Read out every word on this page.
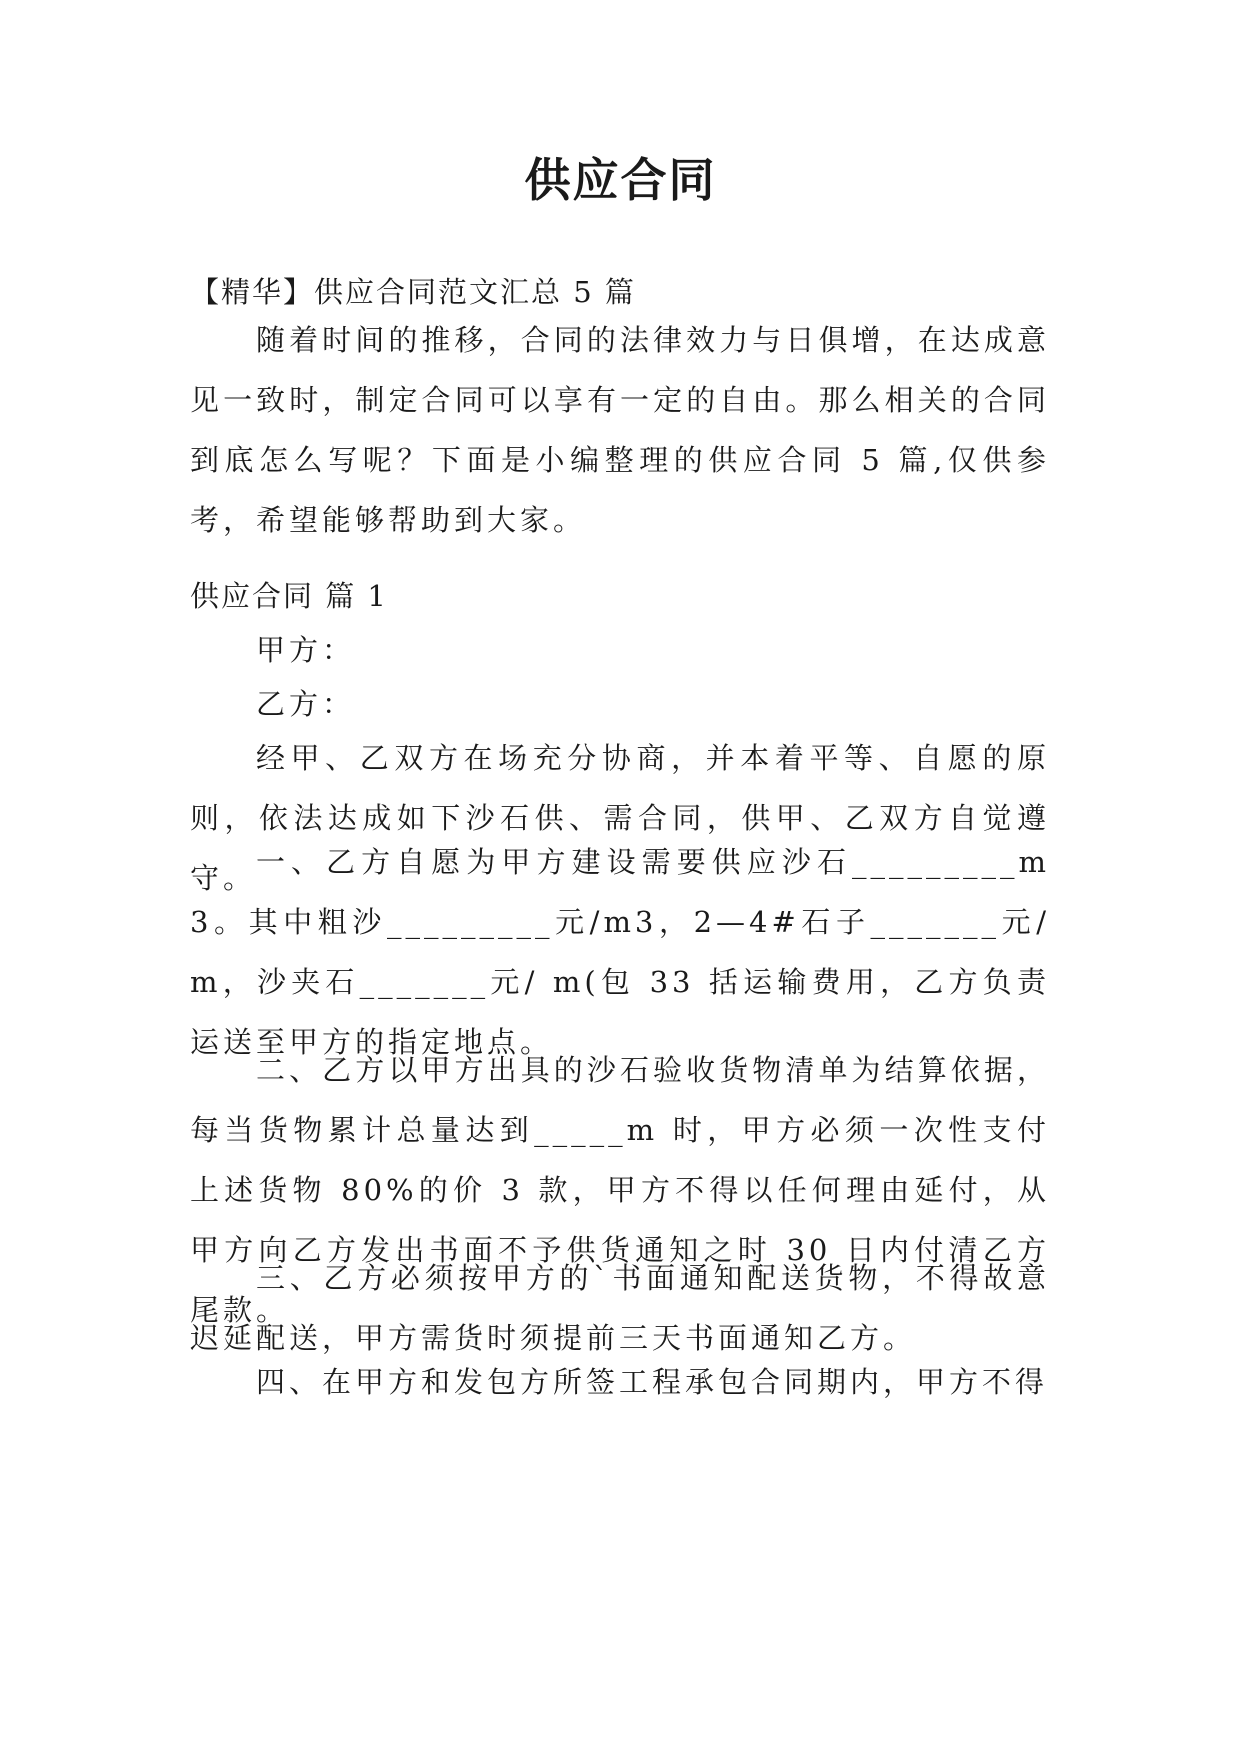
供应合同

【精华】供应合同范文汇总 5 篇

随着时间的推移，合同的法律效力与日俱增，在达成意见一致时，制定合同可以享有一定的自由。那么相关的合同到底怎么写呢？下面是小编整理的供应合同 5 篇,仅供参考，希望能够帮助到大家。

供应合同 篇 1

甲方：

乙方：

经甲、乙双方在场充分协商，并本着平等、自愿的原则，依法达成如下沙石供、需合同，供甲、乙双方自觉遵守。 一、乙方自愿为甲方建设需要供应沙石_________m3。其中粗沙_________元/m3，2—4#石子_______元/ m，沙夹石_______元/ m(包 33 括运输费用，乙方负责运送至甲方的指定地点。

二、乙方以甲方出具的沙石验收货物清单为结算依据，每当货物累计总量达到_____m 时，甲方必须一次性支付上述货物 80%的价 3 款，甲方不得以任何理由延付，从甲方向乙方发出书面不予供货通知之时 30 日内付清乙方尾款。

三、乙方必须按甲方的`书面通知配送货物，不得故意迟延配送，甲方需货时须提前三天书面通知乙方。

四、在甲方和发包方所签工程承包合同期内，甲方不得
